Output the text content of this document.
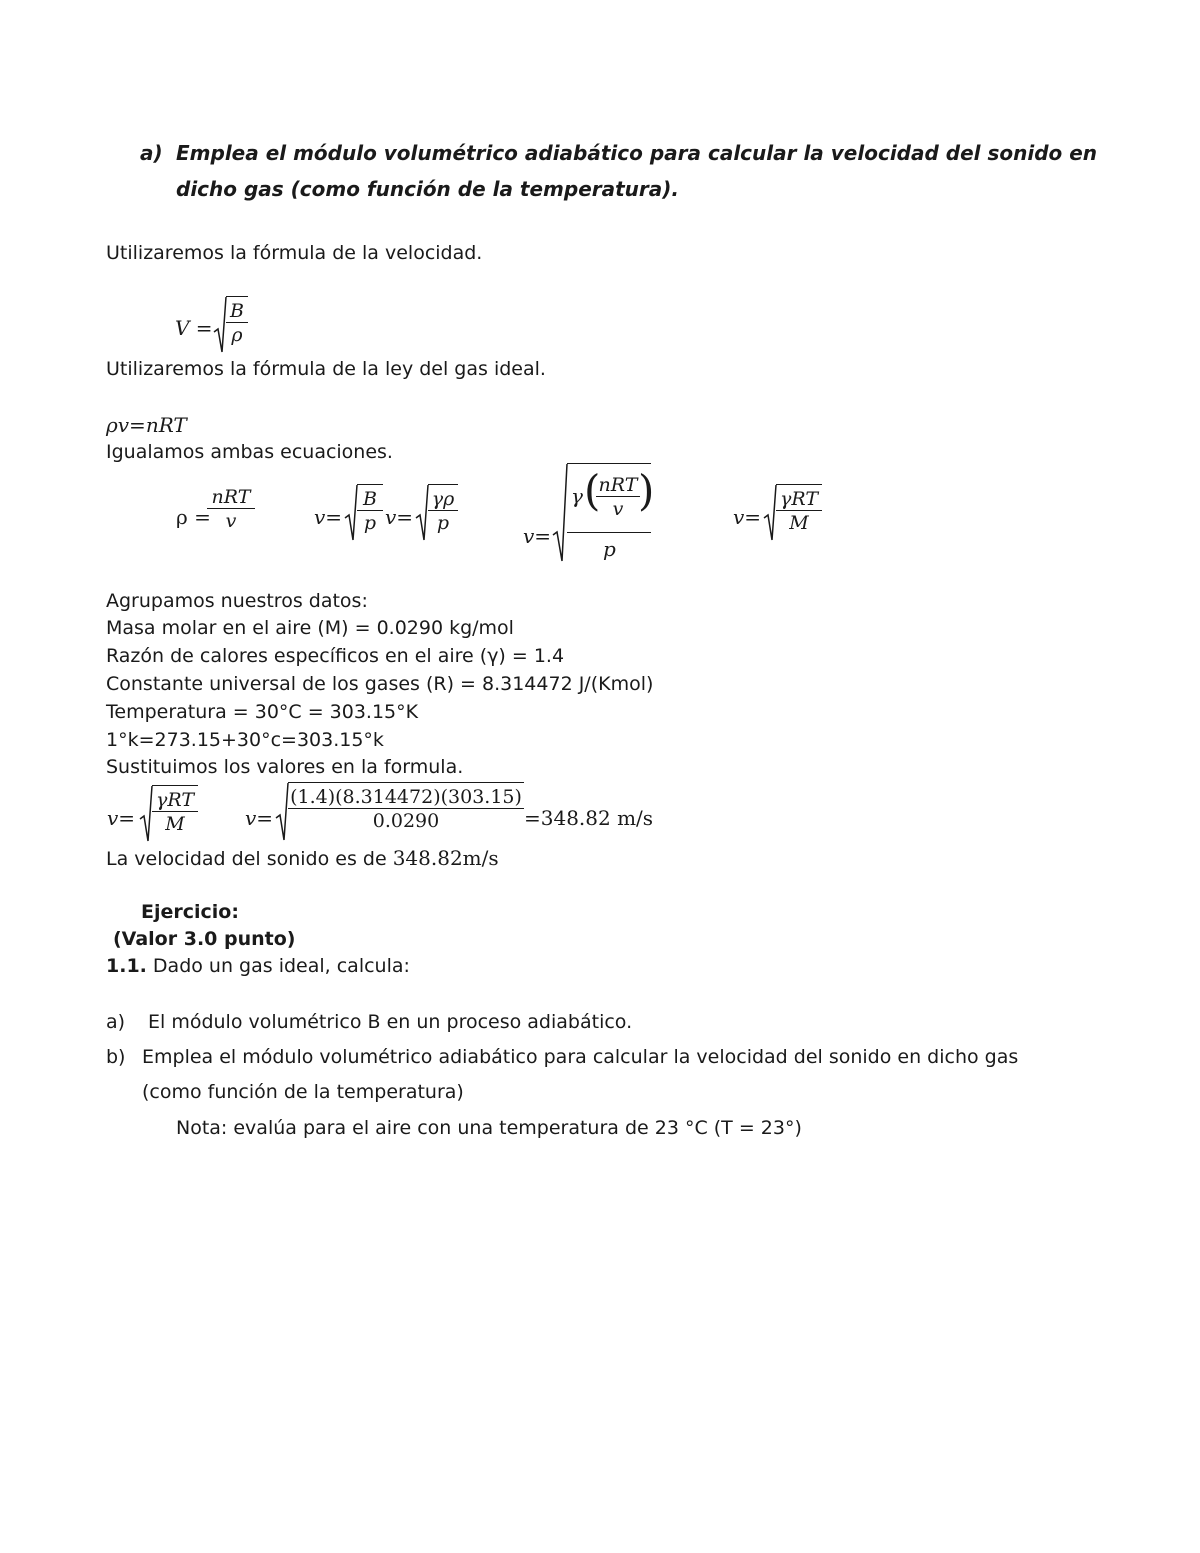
a) Emplea el módulo volumétrico adiabático para calcular la velocidad del sonido en
dicho gas (como función de la temperatura).
Utilizaremos la fórmula de la velocidad.
$V = \frac{B}{\rho}$
Utilizaremos la fórmula de la ley del gas ideal.
ρv=nRT
Igualamos ambas ecuaciones.
ρ =
nRT
v	$v= \frac{B}{p} v= \frac{\gamma\rho}{p}$
v=
γ (
nRT
v )
p
v=
γRT
M
Agrupamos nuestros datos:
Masa molar en el aire (M) = 0.0290 kg/mol
Razón de calores específicos en el aire (γ) = 1.4
Constante universal de los gases (R) = 8.314472 J/(Kmol)
Temperatura = 30°C = 303.15°K
1°k=273.15+30°c=303.15°k
Sustituimos los valores en la formula.
v=
γRT
M	$v= \frac{(1.4)(8.314472)(303.15)}{0.0290} =348.82$ m/s
La velocidad del sonido es de 348.82m/s
Ejercicio:
(Valor 3.0 punto)
1.1. Dado un gas ideal, calcula:
a) El módulo volumétrico B en un proceso adiabático.
b) Emplea el módulo volumétrico adiabático para calcular la velocidad del sonido en dicho gas
(como función de la temperatura)
Nota: evalúa para el aire con una temperatura de 23 °C (T = 23°)
